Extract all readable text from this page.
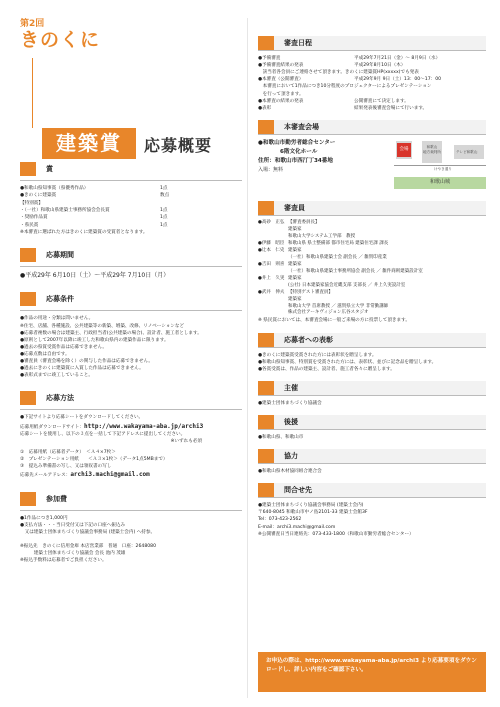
第2回
きのくに
建築賞	応募概要
賞
●和歌山県知事賞（県優秀作品）	1点
●きのくに建築賞	数点
【特別賞】
・（一社）和歌山県建築士事務所協会会長賞	1点
・奨励作品賞	1点
・県民賞	1点
※本審査に選ばれた方はきのくに建築賞の受賞者となります。
応募期間
●平成29年 6月10日（土）〜平成29年 7月10日（月）
応募条件
●作品の用途・分類は問いません。
※住宅、店舗、各種施設、公共建築等の新築、増築、改修、リノベーションなど
●応募者複数の場合は建築主、行政担当者(公共建築の場合)、設計者、施工者とします。
●原則として2007年以降に竣工した和歌山県内の建築作品に限ります。
●過去の県賞受賞作品は応募できません。
●応募点数は自由です。
●審査員（審査会場を除く）の関与した作品は応募できません。
●過去にきのくに建築賞に入賞した作品は応募できません。
●表彰式までに竣工していること。
応募方法
●下記サイトより応募シートをダウンロードしてください。
応募用紙ダウンロードサイト：http://www.wakayama-aba.jp/archi3
応募シートを使用し、以下の３点を一括して下記アドレスに提出してください。
※いずれも必須
①　応募用紙（応募者データ）　＜Ａ４×7枚＞
②　プレゼンテーション用紙　　＜Ａ３×1枚＞（データ1点5MBまで）
③　提込み準備書の写し、又は領収書の写し
応募先メールアドレス：archi3.machi@gmail.com
参加費
●1作品につき1,000円
●支払方法・・・当日受付又は下記の口座へ振込み
　又は建築士団体まちづくり協議会事務局 (建築士会内) へ持参。

※振込先　きのくに信用金庫 本店営業部　普通　口座：2648080
　　　建築士団体まちづくり協議会 会長 池内 茂雄
※振込手数料は応募者でご負担ください。
審査日程
●予備審査	平成29年7月21日（金）〜 8月9日（水）
●予備審査結果の発表	平成29年8月10日（木）
　該当者各会員にご連絡させて頂きます。きのくに建築賞HP(xxxxx)でも発表
●本審査（公開審査）	平成29年9月 9日（土）13：00〜17：00
　本審査において1作品につき10分程度のプロジェクターによるプレゼンテーション
　を行って頂きます。
●本審査の結果の発表	公開審査にて決定します。
●表彰	結果発表後審査会場にて行います。
本審査会場
●和歌山市勤労者総合センター
6階文化ホール
住所：和歌山市西汀丁34番地
入場：無料
会場	和歌山
地方裁判所	テレビ和歌山
けやき通り
和歌山城
審査員
●高砂　正弘 【審査委員長】
建築家
和歌山大学システム工学部　教授
●伊藤　昭臣 和歌山県 県土整備部 都市住宅局 建築住宅課 課長
●辻本　仁史 建築家
（一社）和歌山県建築士会 副会長 ／ 雑賀印産業
●吉田　則喜 建築家
（一社）和歌山県建築士事務所協会 副会長 ／ 雑件商則建築設計室
●井上　久実 建築家
(公社) 日本建築家協会近畿支部 支部長 ／ 井上久実設計室
●武井　伸夫 【特別ゲスト審査員】
建築家
和歌山大学 首席教授 ／ 滋賀県立大学 非常勤講師
株式会社アーキヴィジョン広谷スタジオ
※ 県民賞においては、本審査会場に一般ご来場の方に投票して頂きます。
応募者への表彰
●きのくに建築賞受賞された方には表彰状を贈呈します。
●和歌山県知事賞、特別賞を受賞された方には、表彰状、並びに記念品を贈呈します。
●各賞受賞は、作品の建築主、設計者、施工者各々に贈呈します。
主催
●建築士団体まちづくり協議会
後援
●和歌山県、和歌山市
協力
●和歌山県木材協同組合連合会
問合せ先
●建築士団体まちづくり協議会事務局 (建築士会内)
〒640-8045 和歌山市中ノ島2101-33 建築士会館3F
Tel：073-423-2562
E-mail：archi3.machi@gmail.com
※公開審査日当日連絡先：073-433-1800（和歌山市勤労者総合センター）
お申込の際は、http://www.wakayama-aba.jp/archi3 より応募要項をダウンロードし、詳しい内容をご確認下さい。
